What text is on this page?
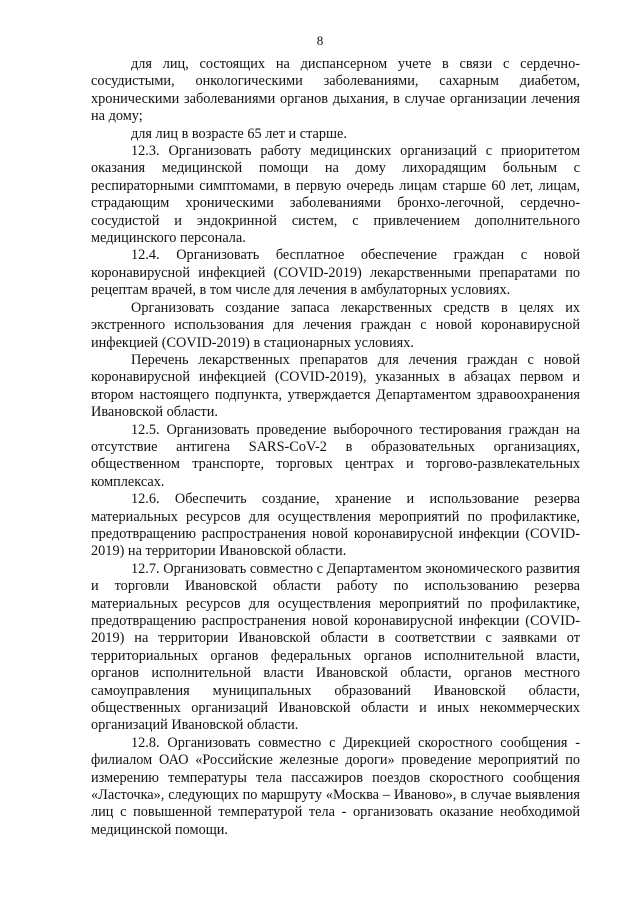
8

для лиц, состоящих на диспансерном учете в связи с сердечно-сосудистыми, онкологическими заболеваниями, сахарным диабетом, хроническими заболеваниями органов дыхания, в случае организации лечения на дому;

для лиц в возрасте 65 лет и старше.

12.3. Организовать работу медицинских организаций с приоритетом оказания медицинской помощи на дому лихорадящим больным с респираторными симптомами, в первую очередь лицам старше 60 лет, лицам, страдающим хроническими заболеваниями бронхо-легочной, сердечно-сосудистой и эндокринной систем, с привлечением дополнительного медицинского персонала.

12.4. Организовать бесплатное обеспечение граждан с новой коронавирусной инфекцией (COVID-2019) лекарственными препаратами по рецептам врачей, в том числе для лечения в амбулаторных условиях.

Организовать создание запаса лекарственных средств в целях их экстренного использования для лечения граждан с новой коронавирусной инфекцией (COVID-2019) в стационарных условиях.

Перечень лекарственных препаратов для лечения граждан с новой коронавирусной инфекцией (COVID-2019), указанных в абзацах первом и втором настоящего подпункта, утверждается Департаментом здравоохранения Ивановской области.

12.5. Организовать проведение выборочного тестирования граждан на отсутствие антигена SARS-CoV-2 в образовательных организациях, общественном транспорте, торговых центрах и торгово-развлекательных комплексах.

12.6. Обеспечить создание, хранение и использование резерва материальных ресурсов для осуществления мероприятий по профилактике, предотвращению распространения новой коронавирусной инфекции (COVID-2019) на территории Ивановской области.

12.7. Организовать совместно с Департаментом экономического развития и торговли Ивановской области работу по использованию резерва материальных ресурсов для осуществления мероприятий по профилактике, предотвращению распространения новой коронавирусной инфекции (COVID-2019) на территории Ивановской области в соответствии с заявками от территориальных органов федеральных органов исполнительной власти, органов исполнительной власти Ивановской области, органов местного самоуправления муниципальных образований Ивановской области, общественных организаций Ивановской области и иных некоммерческих организаций Ивановской области.

12.8. Организовать совместно с Дирекцией скоростного сообщения - филиалом ОАО «Российские железные дороги» проведение мероприятий по измерению температуры тела пассажиров поездов скоростного сообщения «Ласточка», следующих по маршруту «Москва – Иваново», в случае выявления лиц с повышенной температурой тела - организовать оказание необходимой медицинской помощи.
